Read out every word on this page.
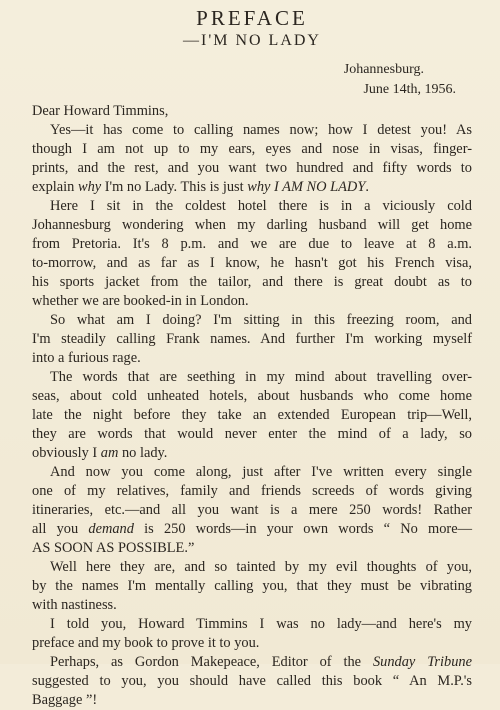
PREFACE
—I'M NO LADY

Johannesburg.

June 14th, 1956.

Dear Howard Timmins,

Yes—it has come to calling names now; how I detest you! As
though I am not up to my ears, eyes and nose in visas, finger-
prints, and the rest, and you want two hundred and fifty words to
explain why I'm no Lady. This is just why I AM NO LADY.

Here I sit in the coldest hotel there is in a viciously cold
Johannesburg wondering when my darling husband will get home
from Pretoria. It's 8 p.m. and we are due to leave at 8 a.m.
to-morrow, and as far as I know, he hasn't got his French visa,
his sports jacket from the tailor, and there is great doubt as to
whether we are booked-in in London.

So what am I doing? I'm sitting in this freezing room, and
I'm steadily calling Frank names. And further I'm working myself
into a furious rage.

The words that are seething in my mind about travelling over-
seas, about cold unheated hotels, about husbands who come home
late the night before they take an extended European trip—Well,
they are words that would never enter the mind of a lady, so
obviously I am no lady.

And now you come along, just after I've written every single
one of my relatives, family and friends screeds of words giving
itineraries, etc.—and all you want is a mere 250 words! Rather
all you demand is 250 words—in your own words “ No more—
AS SOON AS POSSIBLE.”

Well here they are, and so tainted by my evil thoughts of you,
by the names I'm mentally calling you, that they must be vibrating
with nastiness.

I told you, Howard Timmins I was no lady—and here's my
preface and my book to prove it to you.

Perhaps, as Gordon Makepeace, Editor of the Sunday Tribune
suggested to you, you should have called this book “ An M.P.'s
Baggage ”!
